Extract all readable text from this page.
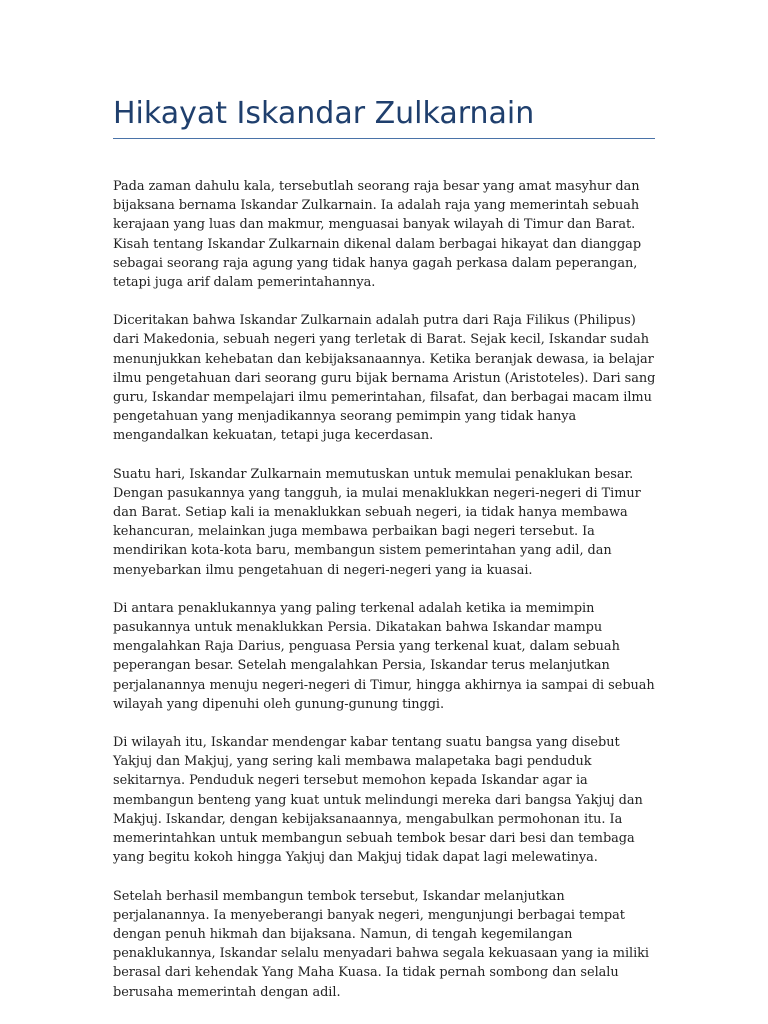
Hikayat Iskandar Zulkarnain

Pada zaman dahulu kala, tersebutlah seorang raja besar yang amat masyhur dan bijaksana bernama Iskandar Zulkarnain. Ia adalah raja yang memerintah sebuah kerajaan yang luas dan makmur, menguasai banyak wilayah di Timur dan Barat. Kisah tentang Iskandar Zulkarnain dikenal dalam berbagai hikayat dan dianggap sebagai seorang raja agung yang tidak hanya gagah perkasa dalam peperangan, tetapi juga arif dalam pemerintahannya.

Diceritakan bahwa Iskandar Zulkarnain adalah putra dari Raja Filikus (Philipus) dari Makedonia, sebuah negeri yang terletak di Barat. Sejak kecil, Iskandar sudah menunjukkan kehebatan dan kebijaksanaannya. Ketika beranjak dewasa, ia belajar ilmu pengetahuan dari seorang guru bijak bernama Aristun (Aristoteles). Dari sang guru, Iskandar mempelajari ilmu pemerintahan, filsafat, dan berbagai macam ilmu pengetahuan yang menjadikannya seorang pemimpin yang tidak hanya mengandalkan kekuatan, tetapi juga kecerdasan.

Suatu hari, Iskandar Zulkarnain memutuskan untuk memulai penaklukan besar. Dengan pasukannya yang tangguh, ia mulai menaklukkan negeri-negeri di Timur dan Barat. Setiap kali ia menaklukkan sebuah negeri, ia tidak hanya membawa kehancuran, melainkan juga membawa perbaikan bagi negeri tersebut. Ia mendirikan kota-kota baru, membangun sistem pemerintahan yang adil, dan menyebarkan ilmu pengetahuan di negeri-negeri yang ia kuasai.

Di antara penaklukannya yang paling terkenal adalah ketika ia memimpin pasukannya untuk menaklukkan Persia. Dikatakan bahwa Iskandar mampu mengalahkan Raja Darius, penguasa Persia yang terkenal kuat, dalam sebuah peperangan besar. Setelah mengalahkan Persia, Iskandar terus melanjutkan perjalanannya menuju negeri-negeri di Timur, hingga akhirnya ia sampai di sebuah wilayah yang dipenuhi oleh gunung-gunung tinggi.

Di wilayah itu, Iskandar mendengar kabar tentang suatu bangsa yang disebut Yakjuj dan Makjuj, yang sering kali membawa malapetaka bagi penduduk sekitarnya. Penduduk negeri tersebut memohon kepada Iskandar agar ia membangun benteng yang kuat untuk melindungi mereka dari bangsa Yakjuj dan Makjuj. Iskandar, dengan kebijaksanaannya, mengabulkan permohonan itu. Ia memerintahkan untuk membangun sebuah tembok besar dari besi dan tembaga yang begitu kokoh hingga Yakjuj dan Makjuj tidak dapat lagi melewatinya.

Setelah berhasil membangun tembok tersebut, Iskandar melanjutkan perjalanannya. Ia menyeberangi banyak negeri, mengunjungi berbagai tempat dengan penuh hikmah dan bijaksana. Namun, di tengah kegemilangan penaklukannya, Iskandar selalu menyadari bahwa segala kekuasaan yang ia miliki berasal dari kehendak Yang Maha Kuasa. Ia tidak pernah sombong dan selalu berusaha memerintah dengan adil.
